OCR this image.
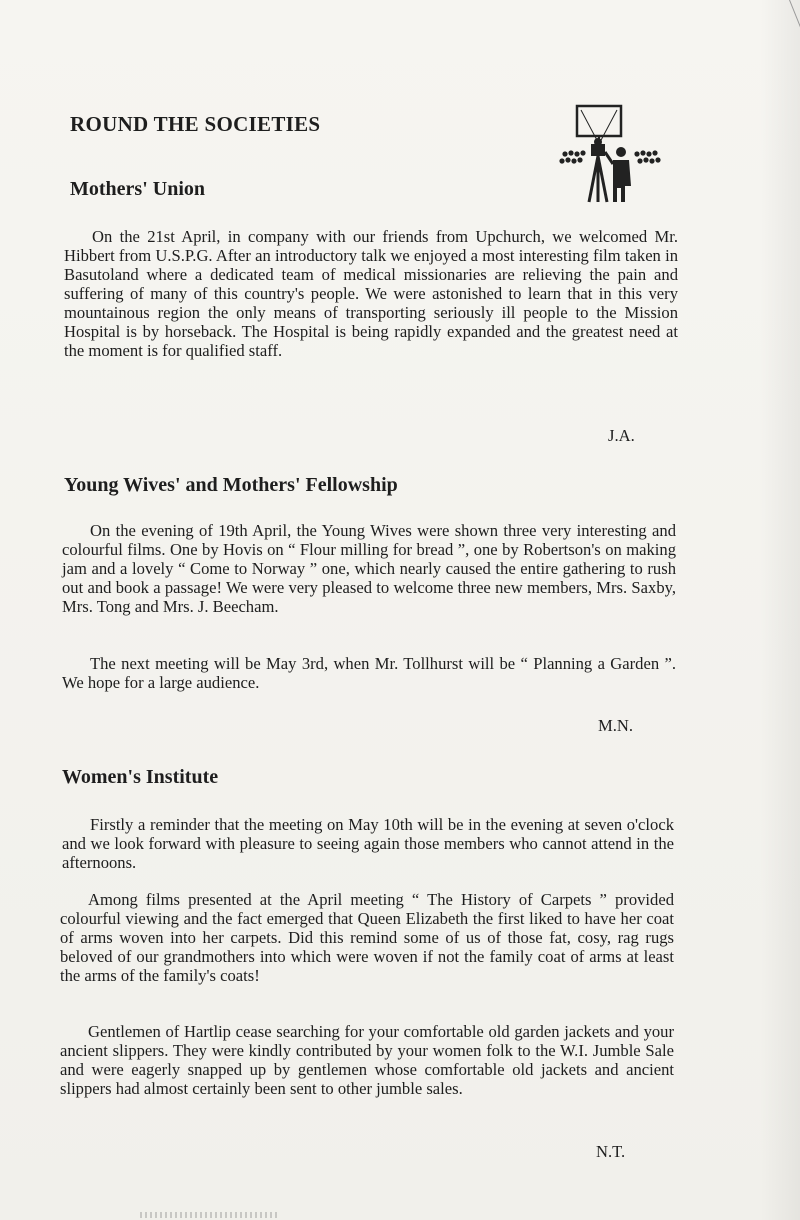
ROUND THE SOCIETIES
Mothers' Union
On the 21st April, in company with our friends from Upchurch, we welcomed Mr. Hibbert from U.S.P.G. After an introductory talk we enjoyed a most interesting film taken in Basutoland where a dedicated team of medical missionaries are relieving the pain and suffering of many of this country's people. We were astonished to learn that in this very mountainous region the only means of transporting seriously ill people to the Mission Hospital is by horseback. The Hospital is being rapidly expanded and the greatest need at the moment is for qualified staff.
J.A.
Young Wives' and Mothers' Fellowship
On the evening of 19th April, the Young Wives were shown three very interesting and colourful films. One by Hovis on “ Flour milling for bread ”, one by Robertson's on making jam and a lovely “ Come to Norway ” one, which nearly caused the entire gathering to rush out and book a passage! We were very pleased to welcome three new members, Mrs. Saxby, Mrs. Tong and Mrs. J. Beecham.
The next meeting will be May 3rd, when Mr. Tollhurst will be “ Planning a Garden ”. We hope for a large audience.
M.N.
Women's Institute
Firstly a reminder that the meeting on May 10th will be in the evening at seven o'clock and we look forward with pleasure to seeing again those members who cannot attend in the afternoons.
Among films presented at the April meeting “ The History of Carpets ” provided colourful viewing and the fact emerged that Queen Elizabeth the first liked to have her coat of arms woven into her carpets. Did this remind some of us of those fat, cosy, rag rugs beloved of our grandmothers into which were woven if not the family coat of arms at least the arms of the family's coats!
Gentlemen of Hartlip cease searching for your comfortable old garden jackets and your ancient slippers. They were kindly contributed by your women folk to the W.I. Jumble Sale and were eagerly snapped up by gentlemen whose comfortable old jackets and ancient slippers had almost certainly been sent to other jumble sales.
N.T.
